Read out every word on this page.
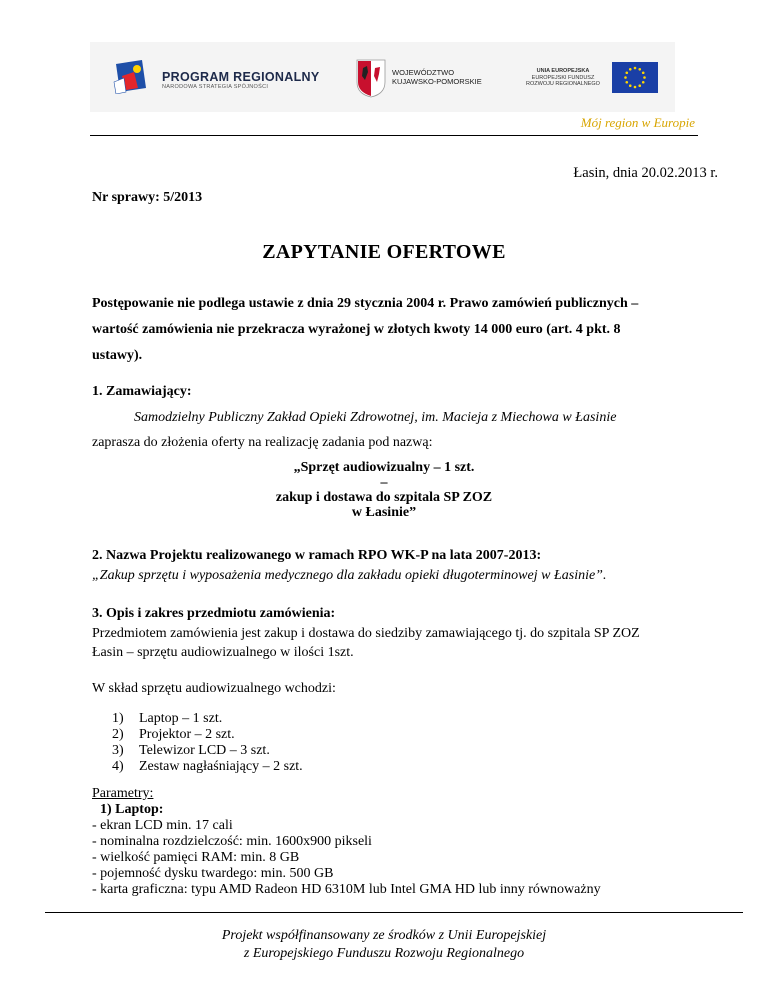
PROGRAM REGIONALNY
NARODOWA STRATEGIA SPÓJNOŚCI
WOJEWÓDZTWO
KUJAWSKO-POMORSKIE
UNIA EUROPEJSKA
EUROPEJSKI FUNDUSZ
ROZWOJU REGIONALNEGO
Mój region w Europie
Łasin, dnia 20.02.2013 r.
Nr sprawy: 5/2013
ZAPYTANIE OFERTOWE
Postępowanie nie podlega ustawie z dnia 29 stycznia 2004 r. Prawo zamówień publicznych –
wartość zamówienia nie przekracza wyrażonej w złotych kwoty 14 000 euro (art. 4 pkt. 8
ustawy).
1. Zamawiający:
Samodzielny Publiczny Zakład Opieki Zdrowotnej, im. Macieja z Miechowa w Łasinie
zaprasza do złożenia oferty na realizację zadania pod nazwą:
„Sprzęt audiowizualny – 1 szt.
–
zakup i dostawa do szpitala SP ZOZ
w Łasinie”
2. Nazwa Projektu realizowanego w ramach RPO WK-P na lata 2007-2013:
„Zakup sprzętu i wyposażenia medycznego dla zakładu opieki długoterminowej w Łasinie”.
3. Opis i zakres przedmiotu zamówienia:
Przedmiotem zamówienia jest zakup i dostawa do siedziby zamawiającego tj. do szpitala SP ZOZ
Łasin – sprzętu audiowizualnego w ilości 1szt.
W skład sprzętu audiowizualnego wchodzi:
1) Laptop – 1 szt.
2) Projektor – 2 szt.
3) Telewizor LCD – 3 szt.
4) Zestaw nagłaśniający – 2 szt.
Parametry:
1) Laptop:
- ekran LCD min. 17 cali
- nominalna rozdzielczość: min. 1600x900 pikseli
- wielkość pamięci RAM: min. 8 GB
- pojemność dysku twardego: min. 500 GB
- karta graficzna: typu AMD Radeon HD 6310M lub Intel GMA HD lub inny równoważny
Projekt współfinansowany ze środków z Unii Europejskiej
z Europejskiego Funduszu Rozwoju Regionalnego
